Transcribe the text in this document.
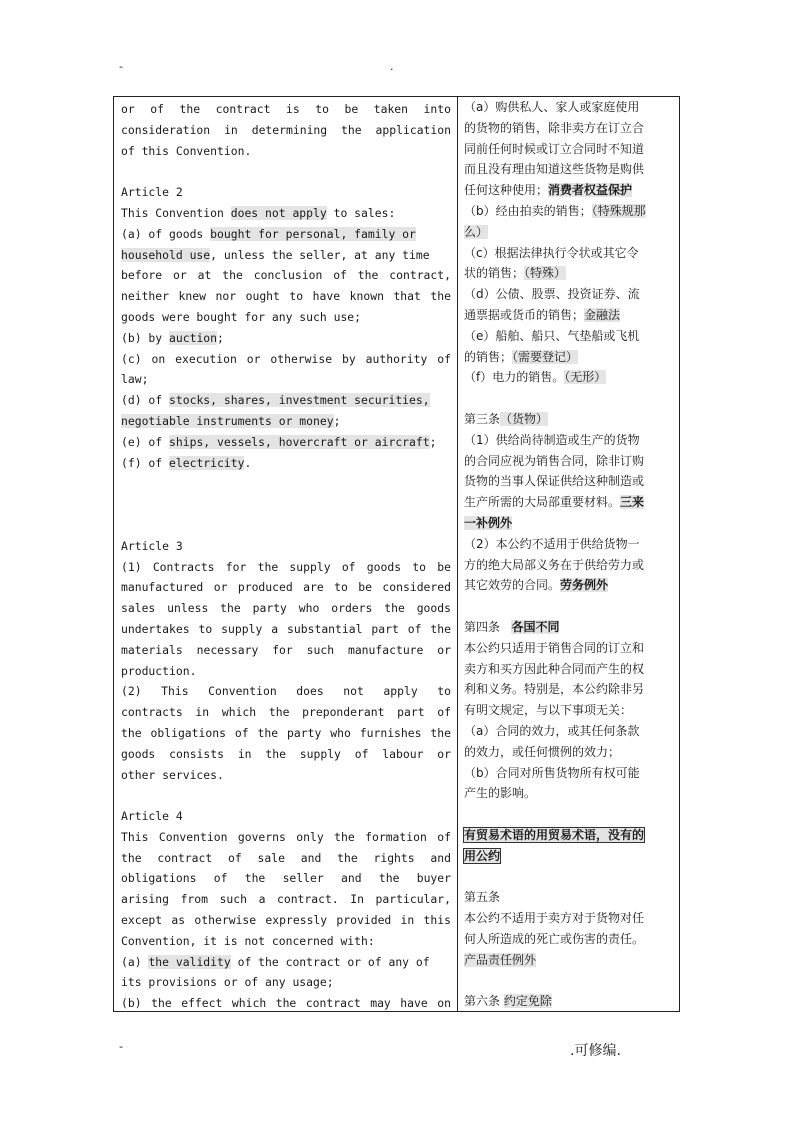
-	.
or of the contract is to be taken into
consideration in determining the application
of this Convention.
Article 2
This Convention does not apply to sales:
(a) of goods bought for personal, family or
household use, unless the seller, at any time
before or at the conclusion of the contract,
neither knew nor ought to have known that the
goods were bought for any such use;
(b) by auction;
(c) on execution or otherwise by authority of
law;
(d) of stocks, shares, investment securities,
negotiable instruments or money;
(e) of ships, vessels, hovercraft or aircraft;
(f) of electricity.
Article 3
(1) Contracts for the supply of goods to be
manufactured or produced are to be considered
sales unless the party who orders the goods
undertakes to supply a substantial part of the
materials necessary for such manufacture or
production.
(2) This Convention does not apply to
contracts in which the preponderant part of
the obligations of the party who furnishes the
goods consists in the supply of labour or
other services.
Article 4
This Convention governs only the formation of
the contract of sale and the rights and
obligations of the seller and the buyer
arising from such a contract. In particular,
except as otherwise expressly provided in this
Convention, it is not concerned with:
(a) the validity of the contract or of any of
its provisions or of any usage;
(b) the effect which the contract may have on
（a）购供私人、家人或家庭使用
的货物的销售，除非卖方在订立合
同前任何时候或订立合同时不知道
而且没有理由知道这些货物是购供
任何这种使用；消费者权益保护
（b）经由拍卖的销售；（特殊规那
么）
（c）根据法律执行令状或其它令
状的销售；（特殊）
（d）公债、股票、投资证券、流
通票据或货币的销售；金融法
（e）船舶、船只、气垫船或飞机
的销售；（需要登记）
（f）电力的销售。（无形）
第三条（货物）
（1）供给尚待制造或生产的货物
的合同应视为销售合同，除非订购
货物的当事人保证供给这种制造或
生产所需的大局部重要材料。三来
一补例外
（2）本公约不适用于供给货物一
方的绝大局部义务在于供给劳力或
其它效劳的合同。劳务例外
第四条 各国不同
本公约只适用于销售合同的订立和
卖方和买方因此种合同而产生的权
利和义务。特别是，本公约除非另
有明文规定，与以下事项无关：
（a）合同的效力，或其任何条款
的效力，或任何惯例的效力；
（b）合同对所售货物所有权可能
产生的影响。
有贸易术语的用贸易术语，没有的
用公约
第五条
本公约不适用于卖方对于货物对任
何人所造成的死亡或伤害的责任。
产品责任例外
第六条 约定免除
-	.可修编.
